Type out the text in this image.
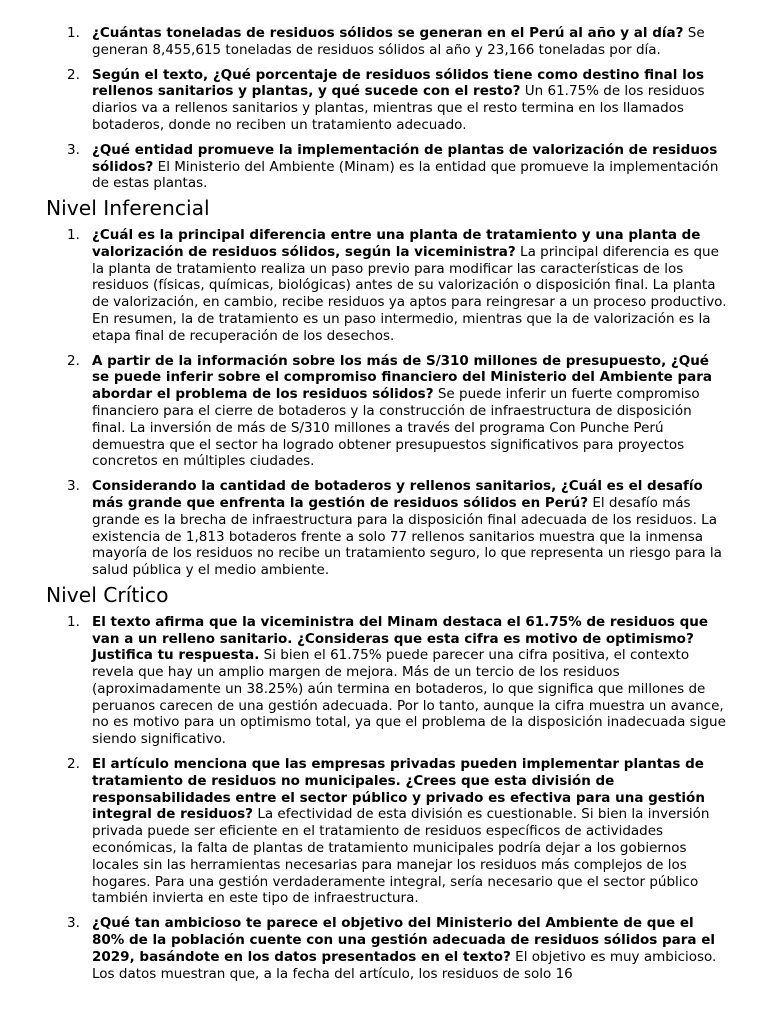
1. ¿Cuántas toneladas de residuos sólidos se generan en el Perú al año y al día? Se generan 8,455,615 toneladas de residuos sólidos al año y 23,166 toneladas por día.
2. Según el texto, ¿Qué porcentaje de residuos sólidos tiene como destino final los rellenos sanitarios y plantas, y qué sucede con el resto? Un 61.75% de los residuos diarios va a rellenos sanitarios y plantas, mientras que el resto termina en los llamados botaderos, donde no reciben un tratamiento adecuado.
3. ¿Qué entidad promueve la implementación de plantas de valorización de residuos sólidos? El Ministerio del Ambiente (Minam) es la entidad que promueve la implementación de estas plantas.
Nivel Inferencial
1. ¿Cuál es la principal diferencia entre una planta de tratamiento y una planta de valorización de residuos sólidos, según la viceministra? La principal diferencia es que la planta de tratamiento realiza un paso previo para modificar las características de los residuos (físicas, químicas, biológicas) antes de su valorización o disposición final. La planta de valorización, en cambio, recibe residuos ya aptos para reingresar a un proceso productivo. En resumen, la de tratamiento es un paso intermedio, mientras que la de valorización es la etapa final de recuperación de los desechos.
2. A partir de la información sobre los más de S/310 millones de presupuesto, ¿Qué se puede inferir sobre el compromiso financiero del Ministerio del Ambiente para abordar el problema de los residuos sólidos? Se puede inferir un fuerte compromiso financiero para el cierre de botaderos y la construcción de infraestructura de disposición final. La inversión de más de S/310 millones a través del programa Con Punche Perú demuestra que el sector ha logrado obtener presupuestos significativos para proyectos concretos en múltiples ciudades.
3. Considerando la cantidad de botaderos y rellenos sanitarios, ¿Cuál es el desafío más grande que enfrenta la gestión de residuos sólidos en Perú? El desafío más grande es la brecha de infraestructura para la disposición final adecuada de los residuos. La existencia de 1,813 botaderos frente a solo 77 rellenos sanitarios muestra que la inmensa mayoría de los residuos no recibe un tratamiento seguro, lo que representa un riesgo para la salud pública y el medio ambiente.
Nivel Crítico
1. El texto afirma que la viceministra del Minam destaca el 61.75% de residuos que van a un relleno sanitario. ¿Consideras que esta cifra es motivo de optimismo? Justifica tu respuesta. Si bien el 61.75% puede parecer una cifra positiva, el contexto revela que hay un amplio margen de mejora. Más de un tercio de los residuos (aproximadamente un 38.25%) aún termina en botaderos, lo que significa que millones de peruanos carecen de una gestión adecuada. Por lo tanto, aunque la cifra muestra un avance, no es motivo para un optimismo total, ya que el problema de la disposición inadecuada sigue siendo significativo.
2. El artículo menciona que las empresas privadas pueden implementar plantas de tratamiento de residuos no municipales. ¿Crees que esta división de responsabilidades entre el sector público y privado es efectiva para una gestión integral de residuos? La efectividad de esta división es cuestionable. Si bien la inversión privada puede ser eficiente en el tratamiento de residuos específicos de actividades económicas, la falta de plantas de tratamiento municipales podría dejar a los gobiernos locales sin las herramientas necesarias para manejar los residuos más complejos de los hogares. Para una gestión verdaderamente integral, sería necesario que el sector público también invierta en este tipo de infraestructura.
3. ¿Qué tan ambicioso te parece el objetivo del Ministerio del Ambiente de que el 80% de la población cuente con una gestión adecuada de residuos sólidos para el 2029, basándote en los datos presentados en el texto? El objetivo es muy ambicioso. Los datos muestran que, a la fecha del artículo, los residuos de solo 16
